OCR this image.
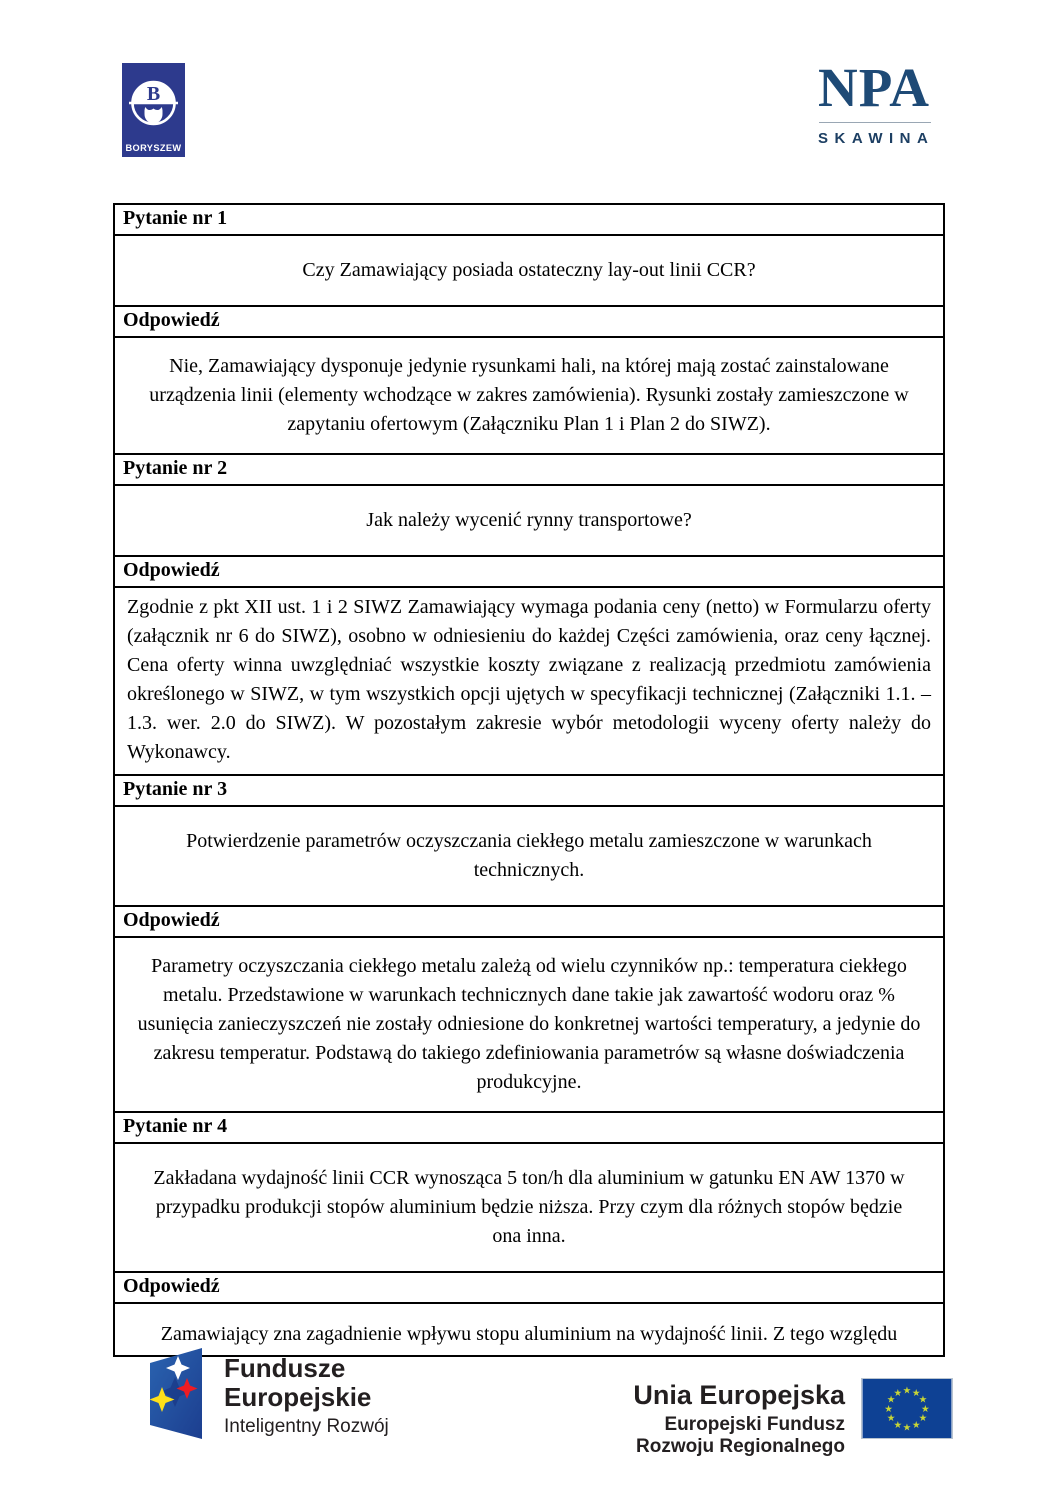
B
BORYSZEW
NPA
SKAWINA
Pytanie nr 1
Czy Zamawiający posiada ostateczny lay-out linii CCR?
Odpowiedź
Nie, Zamawiający dysponuje jedynie rysunkami hali, na której mają zostać zainstalowane urządzenia linii (elementy wchodzące w zakres zamówienia). Rysunki zostały zamieszczone w zapytaniu ofertowym (Załączniku Plan 1 i Plan 2 do SIWZ).
Pytanie nr 2
Jak należy wycenić rynny transportowe?
Odpowiedź
Zgodnie z pkt XII ust. 1 i 2 SIWZ Zamawiający wymaga podania ceny (netto) w Formularzu oferty (załącznik nr 6 do SIWZ), osobno w odniesieniu do każdej Części zamówienia, oraz ceny łącznej. Cena oferty winna uwzględniać wszystkie koszty związane z realizacją przedmiotu zamówienia określonego w SIWZ, w tym wszystkich opcji ujętych w specyfikacji technicznej (Załączniki 1.1. – 1.3. wer. 2.0 do SIWZ). W pozostałym zakresie wybór metodologii wyceny oferty należy do Wykonawcy.
Pytanie nr 3
Potwierdzenie parametrów oczyszczania ciekłego metalu zamieszczone w warunkach technicznych.
Odpowiedź
Parametry oczyszczania ciekłego metalu zależą od wielu czynników np.: temperatura ciekłego metalu. Przedstawione w warunkach technicznych dane takie jak zawartość wodoru oraz % usunięcia zanieczyszczeń nie zostały odniesione do konkretnej wartości temperatury, a jedynie do zakresu temperatur. Podstawą do takiego zdefiniowania parametrów są własne doświadczenia produkcyjne.
Pytanie nr 4
Zakładana wydajność linii CCR wynosząca 5 ton/h dla aluminium w gatunku EN AW 1370 w przypadku produkcji stopów aluminium będzie niższa. Przy czym dla różnych stopów będzie ona inna.
Odpowiedź
Zamawiający zna zagadnienie wpływu stopu aluminium na wydajność linii. Z tego względu
Fundusze
Europejskie
Inteligentny Rozwój
Unia Europejska
Europejski Fundusz
Rozwoju Regionalnego
★ ★
★
★
★
★
★
★
★
★
★
★
